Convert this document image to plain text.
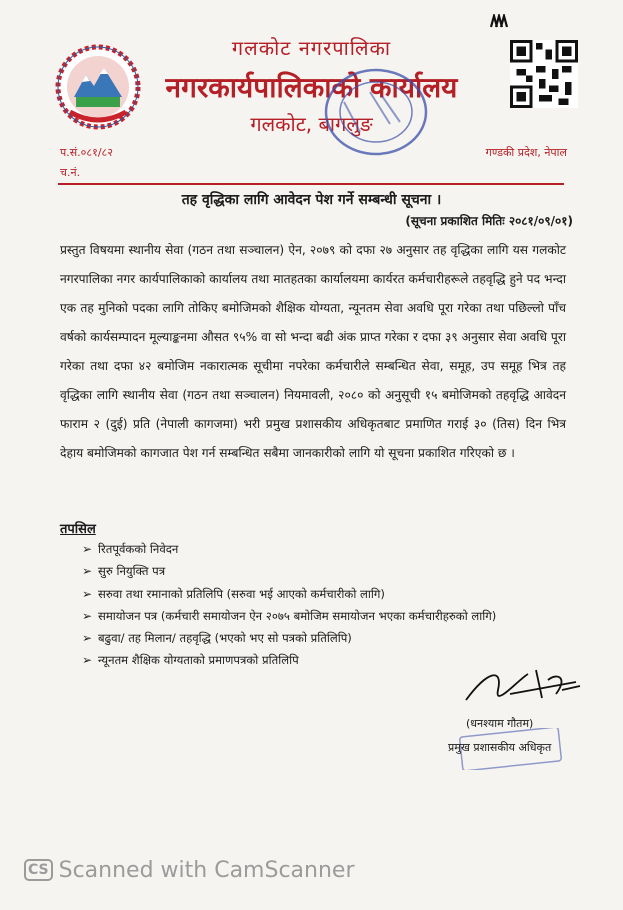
गलकोट नगरपालिका
नगरकार्यपालिकाको कार्यालय
गलकोट, बागलुङ
प.सं.०८१/८२
च.नं.
गण्डकी प्रदेश, नेपाल
तह वृद्धिका लागि आवेदन पेश गर्ने सम्बन्धी सूचना ।
(सूचना प्रकाशित मितिः २०८१/०९/०१)
प्रस्तुत विषयमा स्थानीय सेवा (गठन तथा सञ्चालन) ऐन, २०७९ को दफा २७ अनुसार तह वृद्धिका लागि यस गलकोट नगरपालिका नगर कार्यपालिकाको कार्यालय तथा मातहतका कार्यालयमा कार्यरत कर्मचारीहरूले तहवृद्धि हुने पद भन्दा एक तह मुनिको पदका लागि तोकिए बमोजिमको शैक्षिक योग्यता, न्यूनतम सेवा अवधि पूरा गरेका तथा पछिल्लो पाँच वर्षको कार्यसम्पादन मूल्याङ्कनमा औसत ९५% वा सो भन्दा बढी अंक प्राप्त गरेका र दफा ३९ अनुसार सेवा अवधि पूरा गरेका तथा दफा ४२ बमोजिम नकारात्मक सूचीमा नपरेका कर्मचारीले सम्बन्धित सेवा, समूह, उप समूह भित्र तह वृद्धिका लागि स्थानीय सेवा (गठन तथा सञ्चालन) नियमावली, २०८० को अनुसूची १५ बमोजिमको तहवृद्धि आवेदन फाराम २ (दुई) प्रति (नेपाली कागजमा) भरी प्रमुख प्रशासकीय अधिकृतबाट प्रमाणित गराई ३० (तिस) दिन भित्र देहाय बमोजिमको कागजात पेश गर्न सम्बन्धित सबैमा जानकारीको लागि यो सूचना प्रकाशित गरिएको छ ।
तपसिल
➢ रितपूर्वकको निवेदन
➢ सुरु नियुक्ति पत्र
➢ सरुवा तथा रमानाको प्रतिलिपि (सरुवा भई आएको कर्मचारीको लागि)
➢ समायोजन पत्र (कर्मचारी समायोजन ऐन २०७५ बमोजिम समायोजन भएका कर्मचारीहरुको लागि)
➢ बढुवा/ तह मिलान/ तहवृद्धि (भएको भए सो पत्रको प्रतिलिपि)
➢ न्यूनतम शैक्षिक योग्यताको प्रमाणपत्रको प्रतिलिपि
(धनश्याम गौतम)
प्रमुख प्रशासकीय अधिकृत
CS Scanned with CamScanner
